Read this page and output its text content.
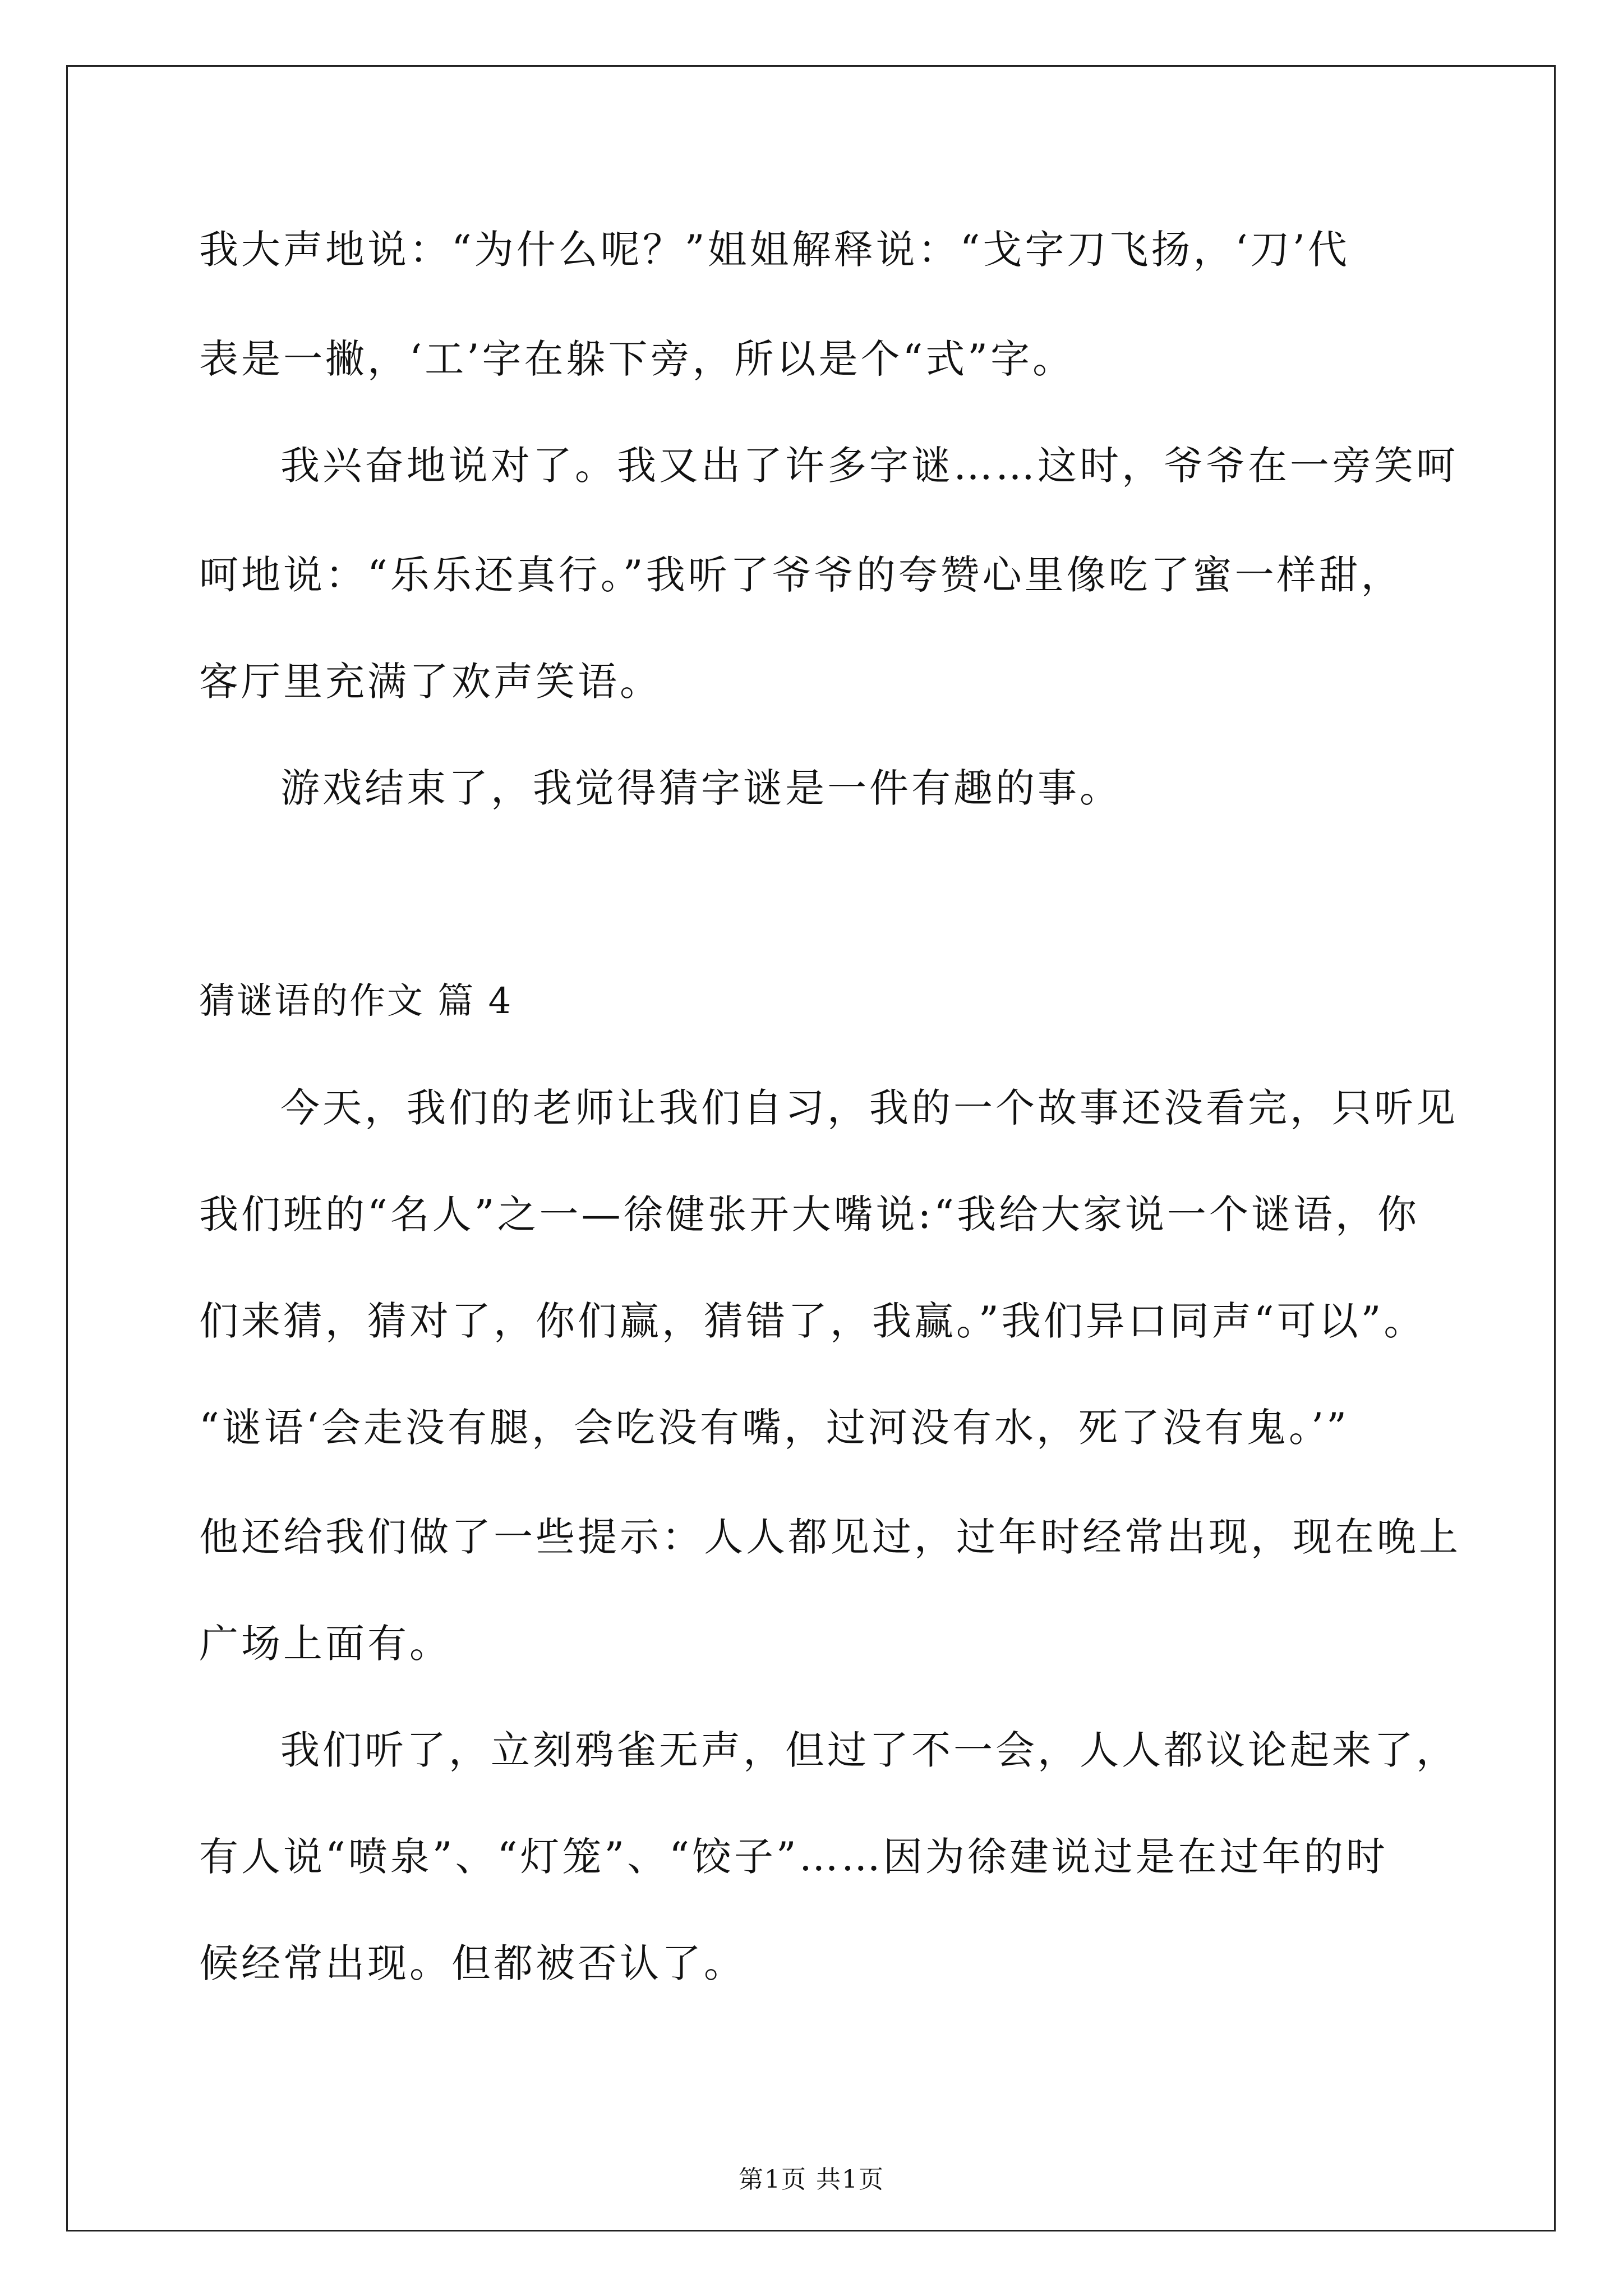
我大声地说：“为什么呢？”姐姐解释说：“戈字刀飞扬，‘刀’代
表是一撇，‘工’字在躲下旁，所以是个“式”字。
我兴奋地说对了。我又出了许多字谜……这时，爷爷在一旁笑呵
呵地说：“乐乐还真行。”我听了爷爷的夸赞心里像吃了蜜一样甜，
客厅里充满了欢声笑语。
游戏结束了，我觉得猜字谜是一件有趣的事。
猜谜语的作文 篇 4
今天，我们的老师让我们自习，我的一个故事还没看完，只听见
我们班的“名人”之一—徐健张开大嘴说:“我给大家说一个谜语，你
们来猜，猜对了，你们赢，猜错了，我赢。”我们异口同声“可以”。
“谜语‘会走没有腿，会吃没有嘴，过河没有水，死了没有鬼。’”
他还给我们做了一些提示：人人都见过，过年时经常出现，现在晚上
广场上面有。
我们听了，立刻鸦雀无声，但过了不一会，人人都议论起来了，
有人说“喷泉”、“灯笼”、“饺子”……因为徐建说过是在过年的时
候经常出现。但都被否认了。
第1页 共1页
